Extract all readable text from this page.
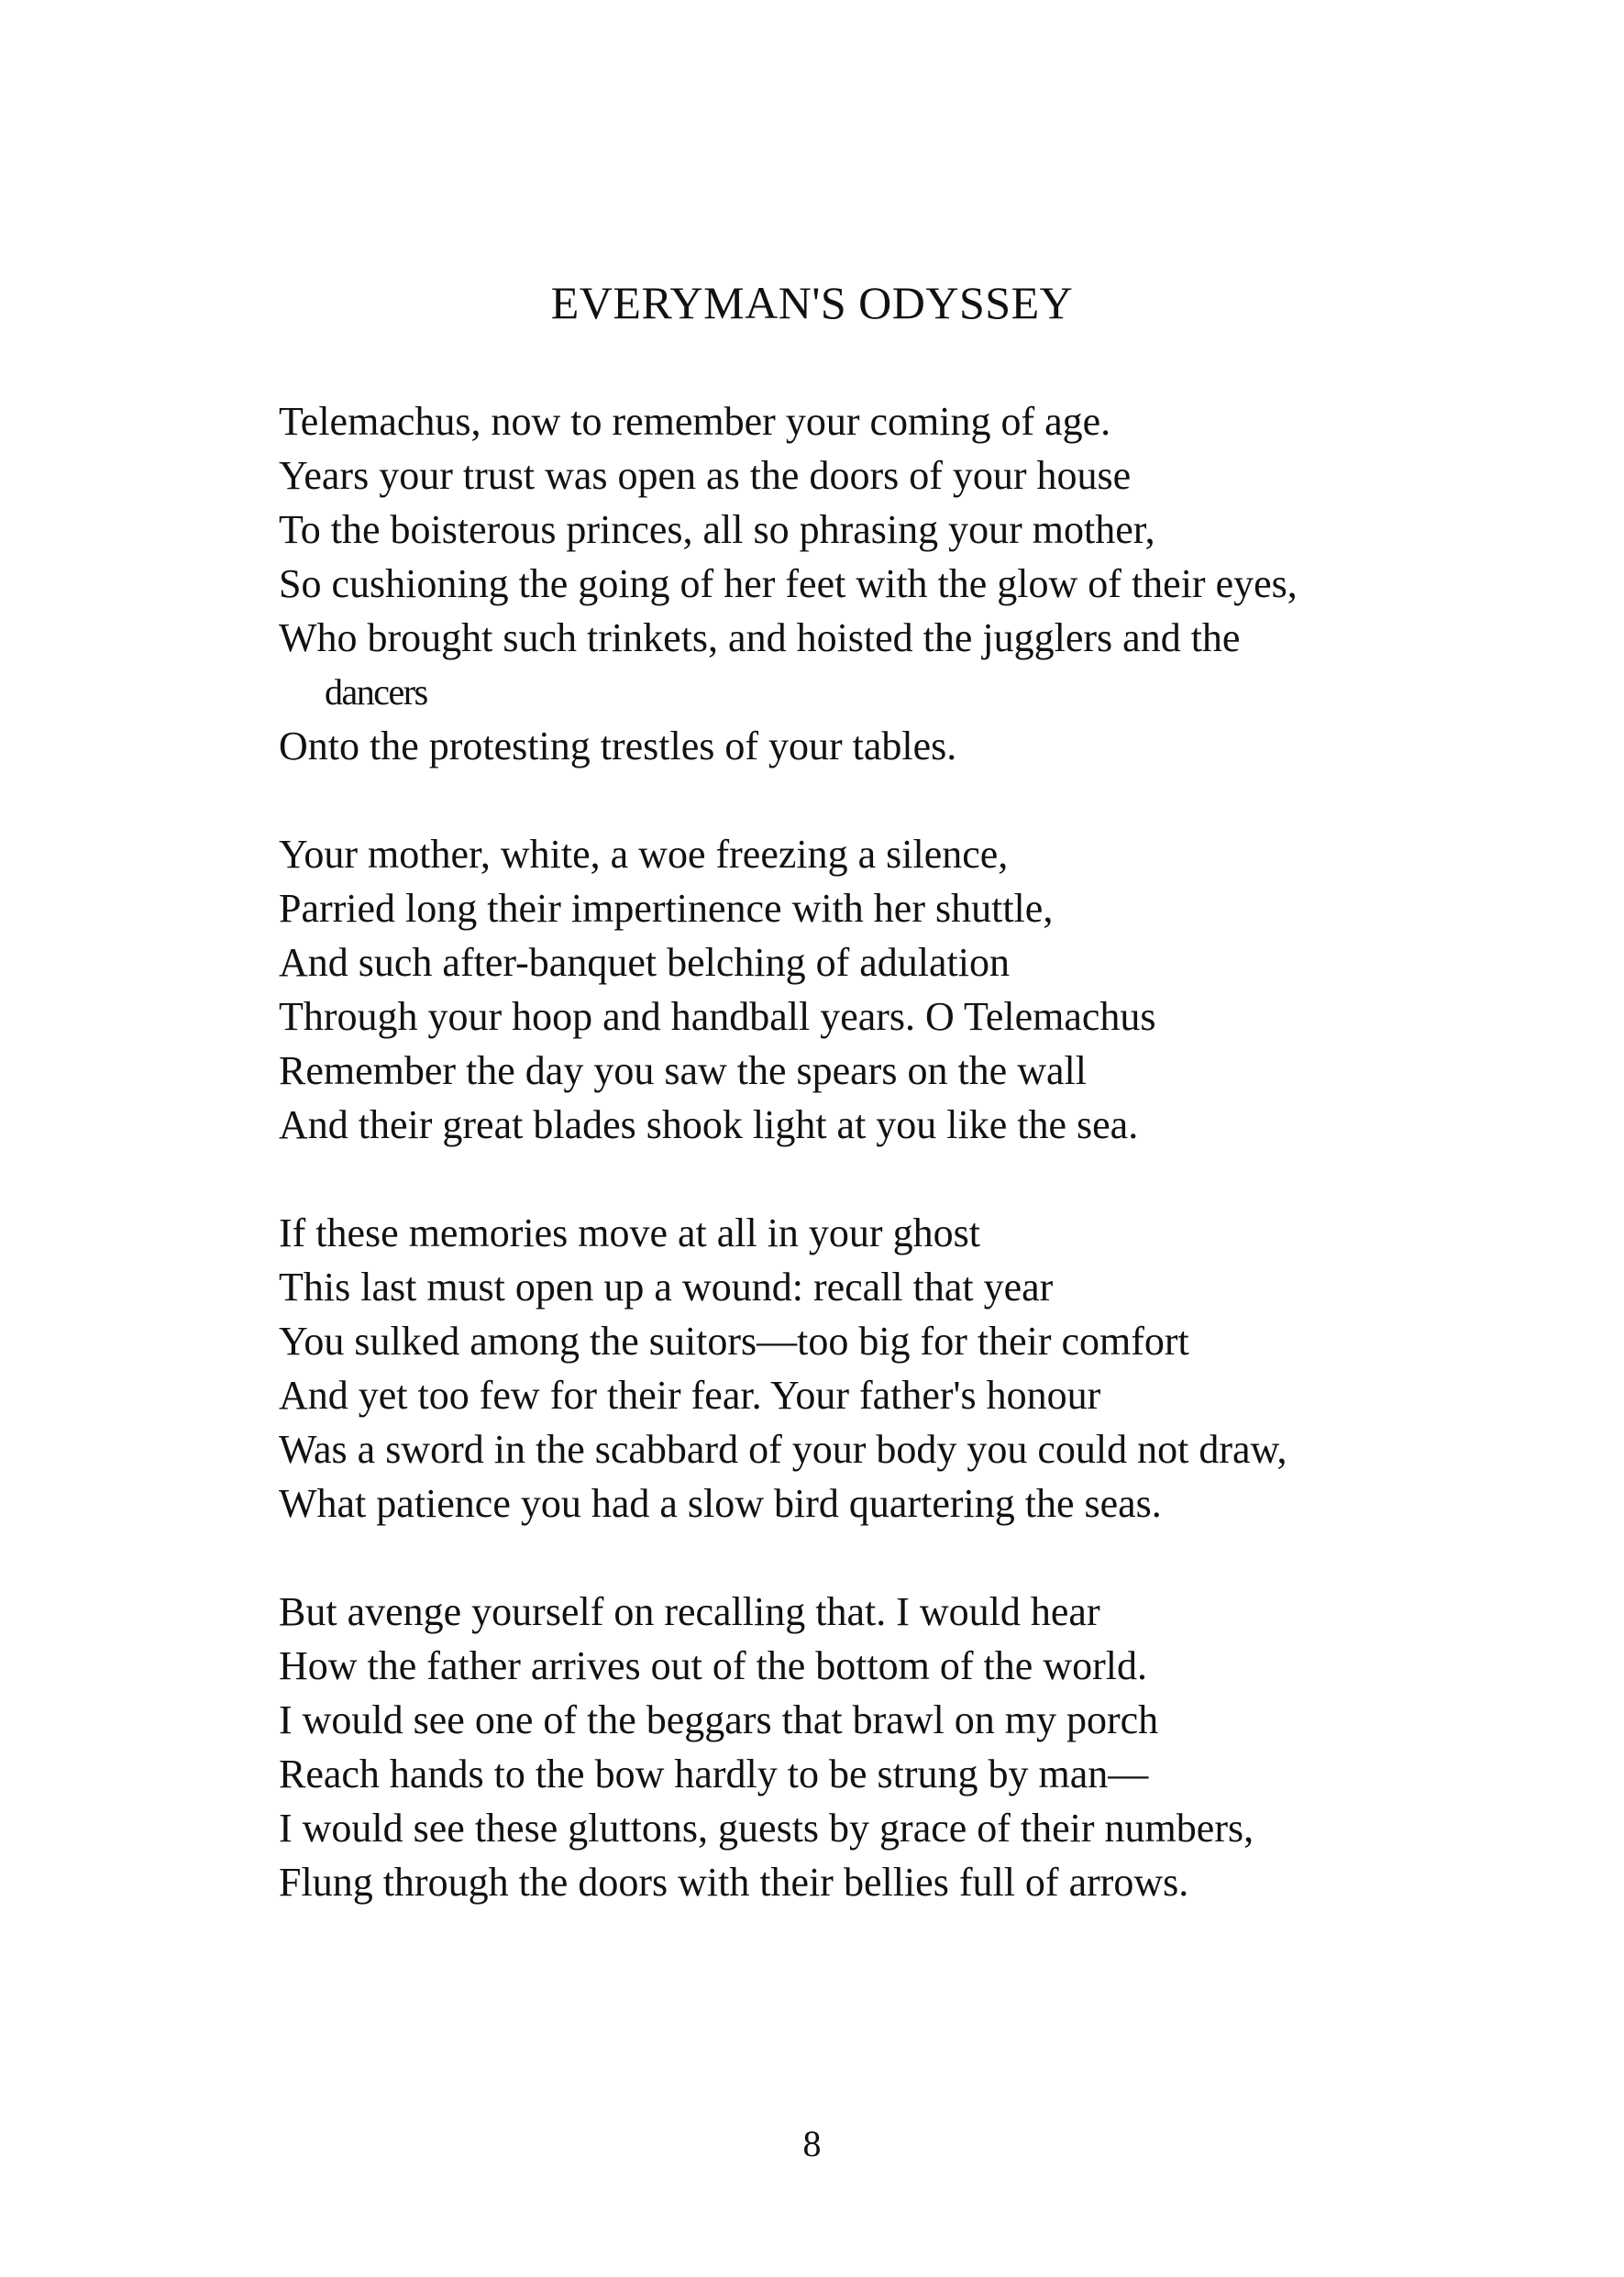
EVERYMAN'S ODYSSEY
Telemachus, now to remember your coming of age.
Years your trust was open as the doors of your house
To the boisterous princes, all so phrasing your mother,
So cushioning the going of her feet with the glow of their eyes,
Who brought such trinkets, and hoisted the jugglers and the
dancers
Onto the protesting trestles of your tables.
Your mother, white, a woe freezing a silence,
Parried long their impertinence with her shuttle,
And such after-banquet belching of adulation
Through your hoop and handball years. O Telemachus
Remember the day you saw the spears on the wall
And their great blades shook light at you like the sea.
If these memories move at all in your ghost
This last must open up a wound: recall that year
You sulked among the suitors—too big for their comfort
And yet too few for their fear. Your father's honour
Was a sword in the scabbard of your body you could not draw,
What patience you had a slow bird quartering the seas.
But avenge yourself on recalling that. I would hear
How the father arrives out of the bottom of the world.
I would see one of the beggars that brawl on my porch
Reach hands to the bow hardly to be strung by man—
I would see these gluttons, guests by grace of their numbers,
Flung through the doors with their bellies full of arrows.
8
